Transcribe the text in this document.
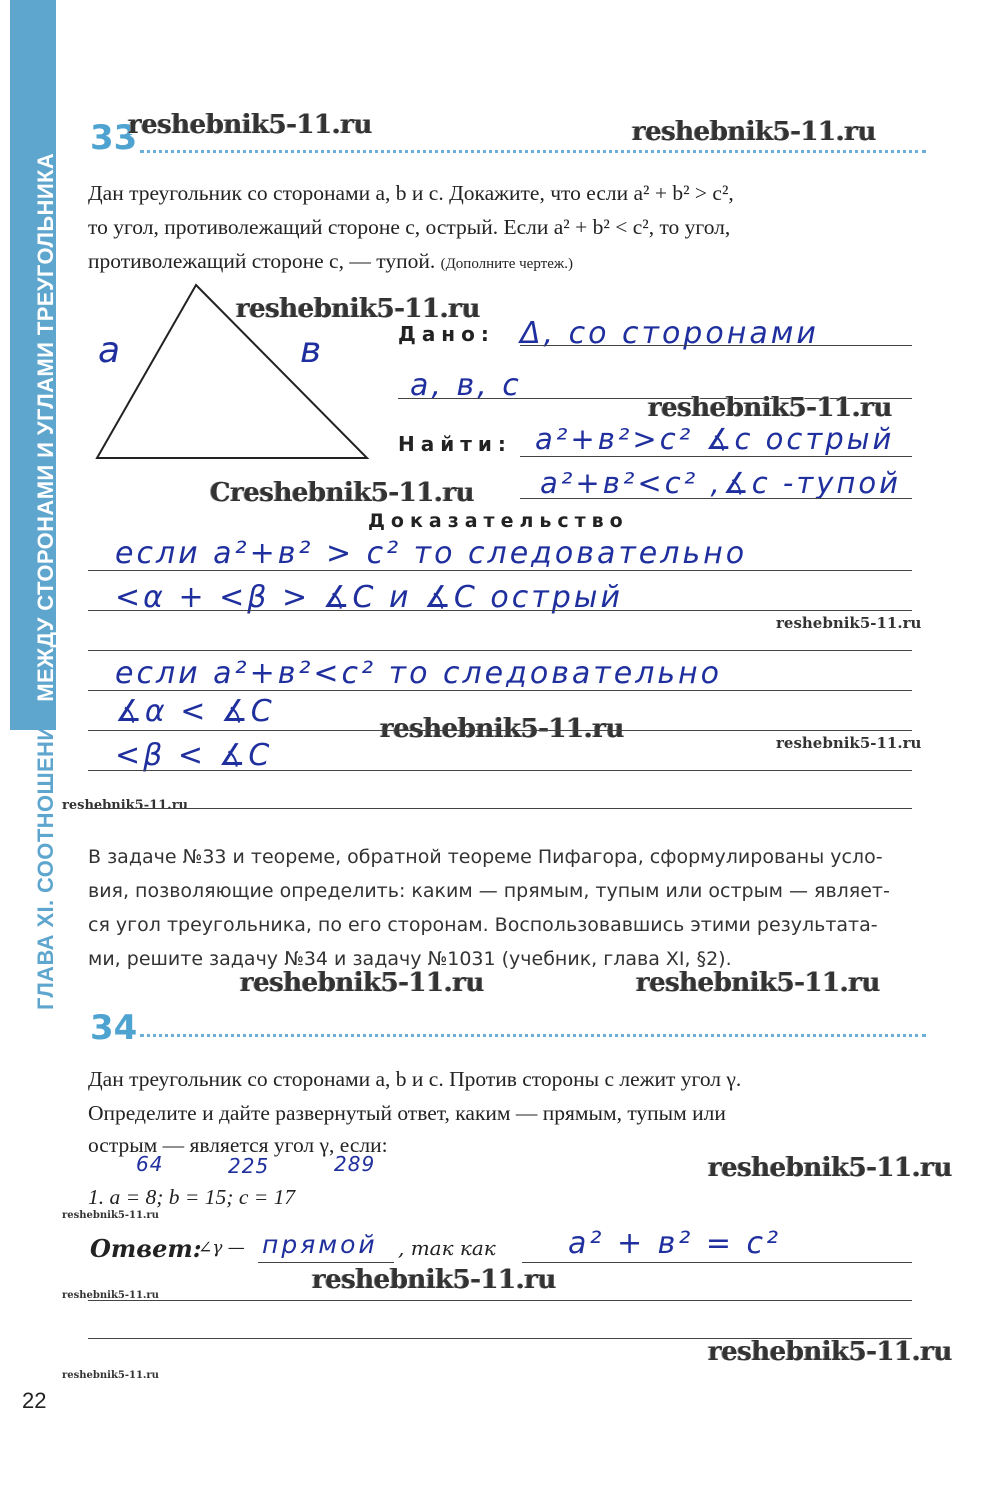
ГЛАВА XI. СООТНОШЕНИЯ МЕЖДУ СТОРОНАМИ И УГЛАМИ ТРЕУГОЛЬНИКА
33
reshebnik5-11.ru	reshebnik5-11.ru
Дан треугольник со сторонами a, b и c. Докажите, что если a² + b² > c²,
то угол, противолежащий стороне c, острый. Если a² + b² < c², то угол,
противолежащий стороне c, — тупой. (Дополните чертеж.)
a	в
reshebnik5-11.ru
Дано: Δ, со сторонами
a, в, c
reshebnik5-11.ru
Найти: a²+в²>c² ∡c острый
a²+в²<c² ,∡c -тупой
Creshebnik5-11.ru
Доказательство
если a²+в² > c² то следовательно
<α + <β > ∡C и ∡C острый
reshebnik5-11.ru
если a²+в²<c² то следовательно
∡α < ∡C	reshebnik5-11.ru	reshebnik5-11.ru
<β < ∡C
reshebnik5-11.ru
В задаче №33 и теореме, обратной теореме Пифагора, сформулированы усло-
вия, позволяющие определить: каким — прямым, тупым или острым — являет-
ся угол треугольника, по его сторонам. Воспользовавшись этими результата-
ми, решите задачу №34 и задачу №1031 (учебник, глава XI, §2).
reshebnik5-11.ru	reshebnik5-11.ru
34
Дан треугольник со сторонами a, b и c. Против стороны c лежит угол γ.
Определите и дайте развернутый ответ, каким — прямым, тупым или
острым — является угол γ, если:
64	225	289	reshebnik5-11.ru
1. a = 8; b = 15; c = 17
reshebnik5-11.ru
Ответ:
∠γ — прямой , так как a² + в² = c²
reshebnik5-11.ru
reshebnik5-11.ru
reshebnik5-11.ru
reshebnik5-11.ru
22
